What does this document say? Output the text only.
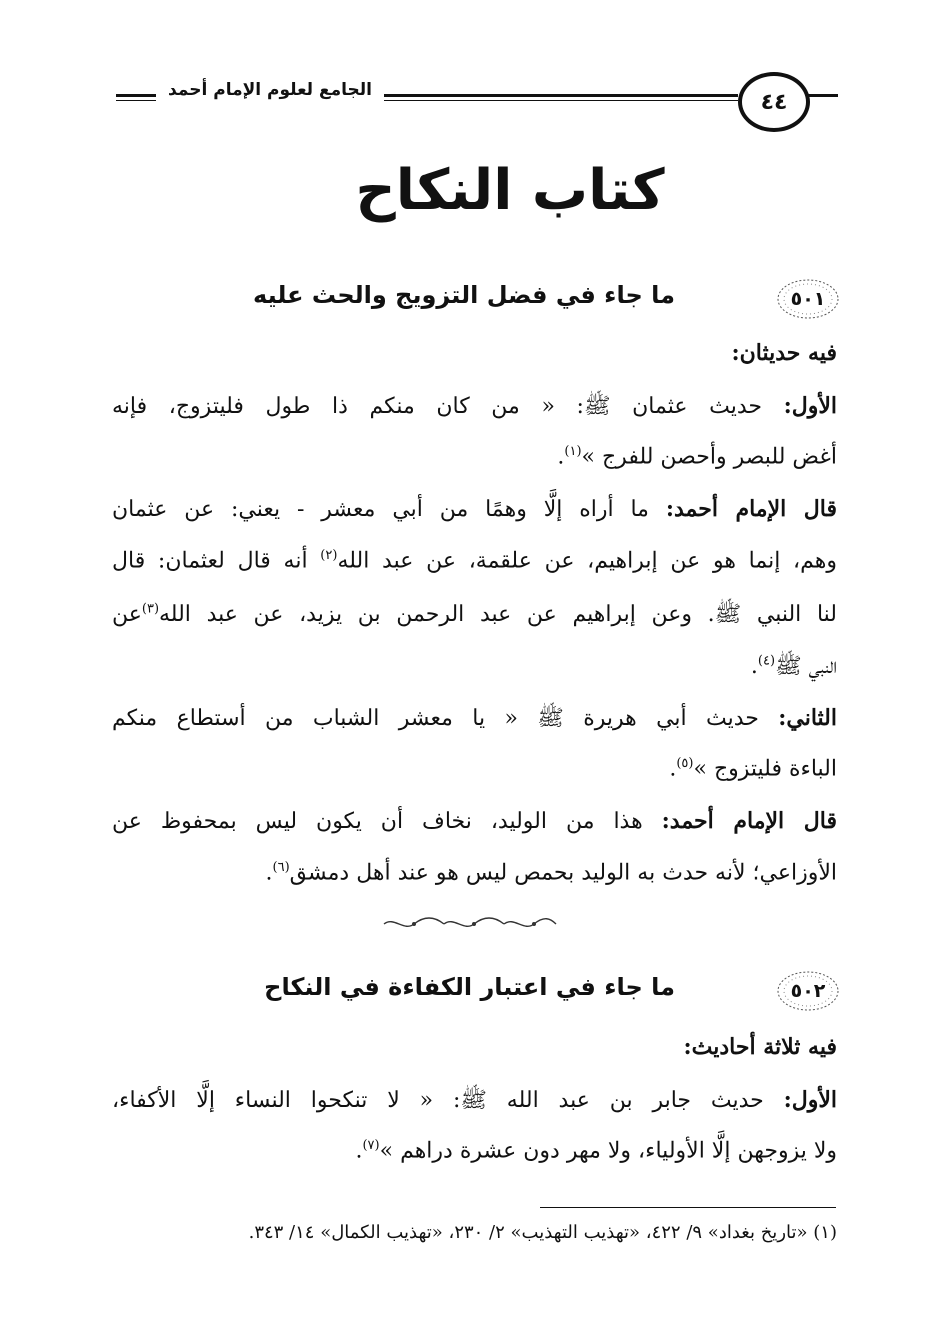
الجامع لعلوم الإمام أحمد	٤٤
كتاب النكاح
٥٠١
ما جاء في فضل التزويج والحث عليه
فيه حديثان:
الأول: حديث عثمان ﷺ: « من كان منكم ذا طول فليتزوج، فإنه
أغض للبصر وأحصن للفرج »$^{(١)}$.
قال الإمام أحمد: ما أراه إلَّا وهمًا من أبي معشر - يعني: عن عثمان
وهم، إنما هو عن إبراهيم، عن علقمة، عن عبد الله$^{(٢)}$ أنه قال لعثمان: قال
لنا النبي ﷺ. وعن إبراهيم عن عبد الرحمن بن يزيد، عن عبد الله$^{(٣)}$عن
النبي ﷺ$^{(٤)}$.
الثاني: حديث أبي هريرة ﷺ « يا معشر الشباب من أستطاع منكم
الباءة فليتزوج »$^{(٥)}$.
قال الإمام أحمد: هذا من الوليد، نخاف أن يكون ليس بمحفوظ عن
الأوزاعي؛ لأنه حدث به الوليد بحمص ليس هو عند أهل دمشق$^{(٦)}$.
٥٠٢
ما جاء في اعتبار الكفاءة في النكاح
فيه ثلاثة أحاديث:
الأول: حديث جابر بن عبد الله ﷺ: « لا تنكحوا النساء إلَّا الأكفاء،
ولا يزوجهن إلَّا الأولياء، ولا مهر دون عشرة دراهم »$^{(٧)}$.
(١) «تاريخ بغداد» ٩/ ٤٢٢، «تهذيب التهذيب» ٢/ ٢٣٠، «تهذيب الكمال» ١٤/ ٣٤٣.
